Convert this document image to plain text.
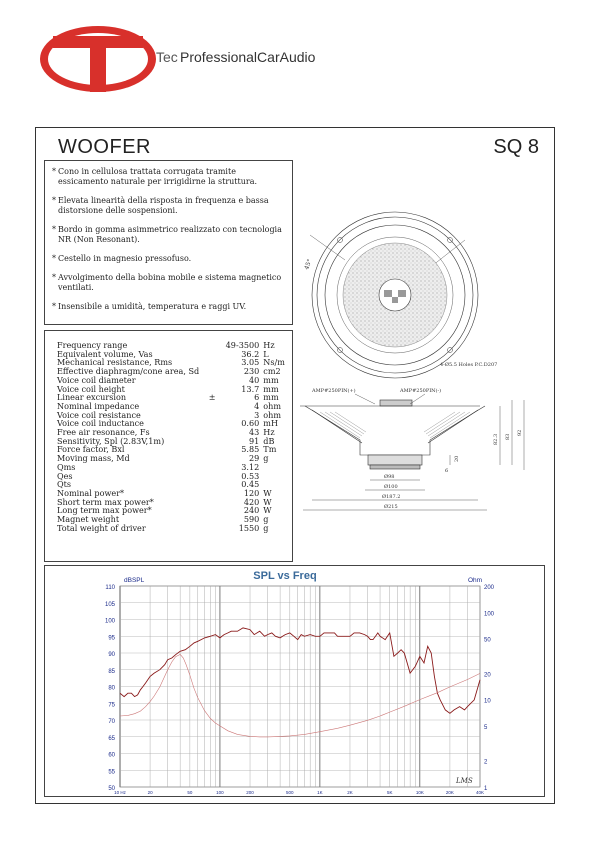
Tec ProfessionalCarAudio
WOOFER	SQ 8
* Cono in cellulosa trattata corrugata tramite essicamento naturale per irrigidirne la struttura.
* Elevata linearità della risposta in frequenza e bassa distorsione delle sospensioni.
* Bordo in gomma asimmetrico realizzato con tecnologia NR (Non Resonant).
* Cestello in magnesio pressofuso.
* Avvolgimento della bobina mobile e sistema magnetico ventilati.
* Insensibile a umidità, temperatura e raggi UV.
Frequency range		49-3500	Hz
Equivalent volume, Vas		36.2	L
Mechanical resistance, Rms		3.05	Ns/m
Effective diaphragm/cone area, Sd		230	cm2
Voice coil diameter		40	mm
Voice coil height		13.7	mm
Linear excursion	±	6	mm
Nominal impedance		4	ohm
Voice coil resistance		3	ohm
Voice coil inductance		0.60	mH
Free air resonance, Fs		43	Hz
Sensitivity, Spl (2.83V,1m)		91	dB
Force factor, Bxl		5.85	Tm
Moving mass, Md		29	g
Qms		3.12	
Qes		0.53	
Qts		0.45	
Nominal power*		120	W
Short term max power*		420	W
Long term max power*		240	W
Magnet weight		590	g
Total weight of driver		1550	g
45°
4-Ø5.5 Holes P.C.D207
AMP#250PIN(+)	AMP#250PIN(-)
Ø98
Ø100
Ø187.2
Ø215
82.3 83
92
20
6
110
105
100
95
90
85
80
75
70
65
60
55
50
200
100
50
20
10
5
2
1
10 Hz	20	50	100	200	500	1K	2K	5K	10K	20K	40K
dBSPL	Ohm
SPL vs Freq
LMS
